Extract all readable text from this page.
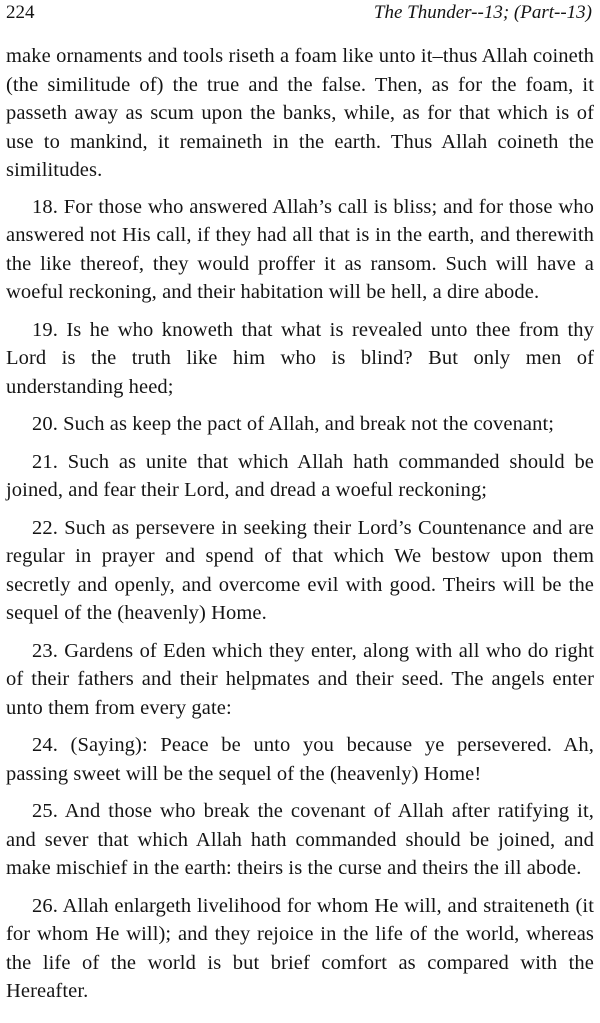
224	The Thunder--13; (Part--13)

make ornaments and tools riseth a foam like unto it–thus Allah coineth (the similitude of) the true and the false. Then, as for the foam, it passeth away as scum upon the banks, while, as for that which is of use to mankind, it remaineth in the earth. Thus Allah coineth the similitudes.

18. For those who answered Allah’s call is bliss; and for those who answered not His call, if they had all that is in the earth, and therewith the like thereof, they would proffer it as ransom. Such will have a woeful reckoning, and their habitation will be hell, a dire abode.

19. Is he who knoweth that what is revealed unto thee from thy Lord is the truth like him who is blind? But only men of understanding heed;

20. Such as keep the pact of Allah, and break not the covenant;

21. Such as unite that which Allah hath commanded should be joined, and fear their Lord, and dread a woeful reckoning;

22. Such as persevere in seeking their Lord’s Countenance and are regular in prayer and spend of that which We bestow upon them secretly and openly, and overcome evil with good. Theirs will be the sequel of the (heavenly) Home.

23. Gardens of Eden which they enter, along with all who do right of their fathers and their helpmates and their seed. The angels enter unto them from every gate:

24. (Saying): Peace be unto you because ye persevered. Ah, passing sweet will be the sequel of the (heavenly) Home!

25. And those who break the covenant of Allah after ratifying it, and sever that which Allah hath commanded should be joined, and make mischief in the earth: theirs is the curse and theirs the ill abode.

26. Allah enlargeth livelihood for whom He will, and straiteneth (it for whom He will); and they rejoice in the life of the world, whereas the life of the world is but brief comfort as compared with the Hereafter.
